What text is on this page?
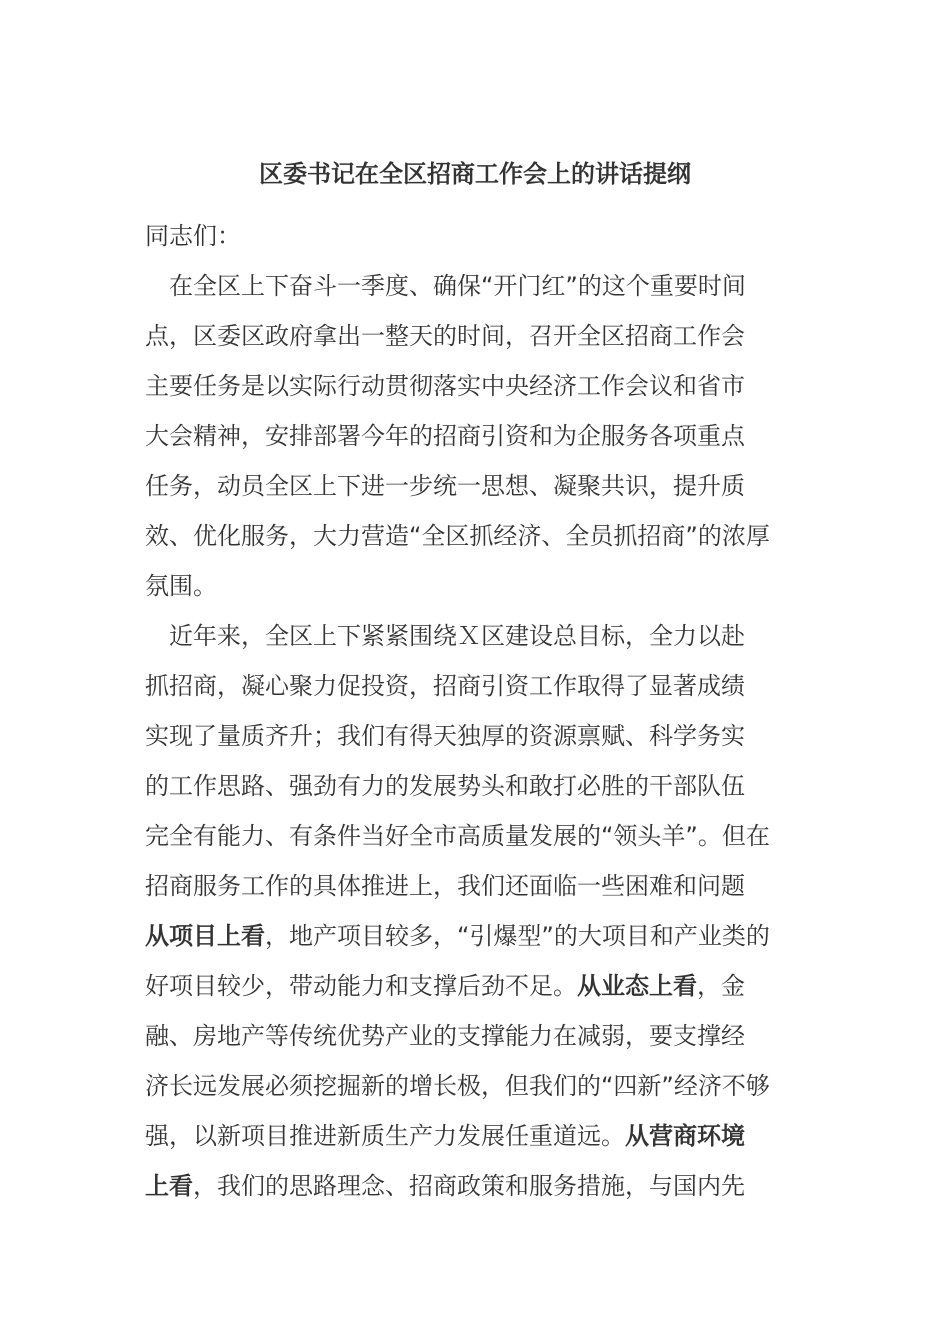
区委书记在全区招商工作会上的讲话提纲
同志们：
　在全区上下奋斗一季度、确保“开门红”的这个重要时间
点，区委区政府拿出一整天的时间，召开全区招商工作会
主要任务是以实际行动贯彻落实中央经济工作会议和省市
大会精神，安排部署今年的招商引资和为企服务各项重点
任务，动员全区上下进一步统一思想、凝聚共识，提升质
效、优化服务，大力营造“全区抓经济、全员抓招商”的浓厚
氛围。
　近年来，全区上下紧紧围绕Ｘ区建设总目标，全力以赴
抓招商，凝心聚力促投资，招商引资工作取得了显著成绩
实现了量质齐升；我们有得天独厚的资源禀赋、科学务实
的工作思路、强劲有力的发展势头和敢打必胜的干部队伍
完全有能力、有条件当好全市高质量发展的“领头羊”。但在
招商服务工作的具体推进上，我们还面临一些困难和问题
从项目上看，地产项目较多，“引爆型”的大项目和产业类的
好项目较少，带动能力和支撑后劲不足。从业态上看，金
融、房地产等传统优势产业的支撑能力在减弱，要支撑经
济长远发展必须挖掘新的增长极，但我们的“四新”经济不够
强，以新项目推进新质生产力发展任重道远。从营商环境
上看，我们的思路理念、招商政策和服务措施，与国内先
